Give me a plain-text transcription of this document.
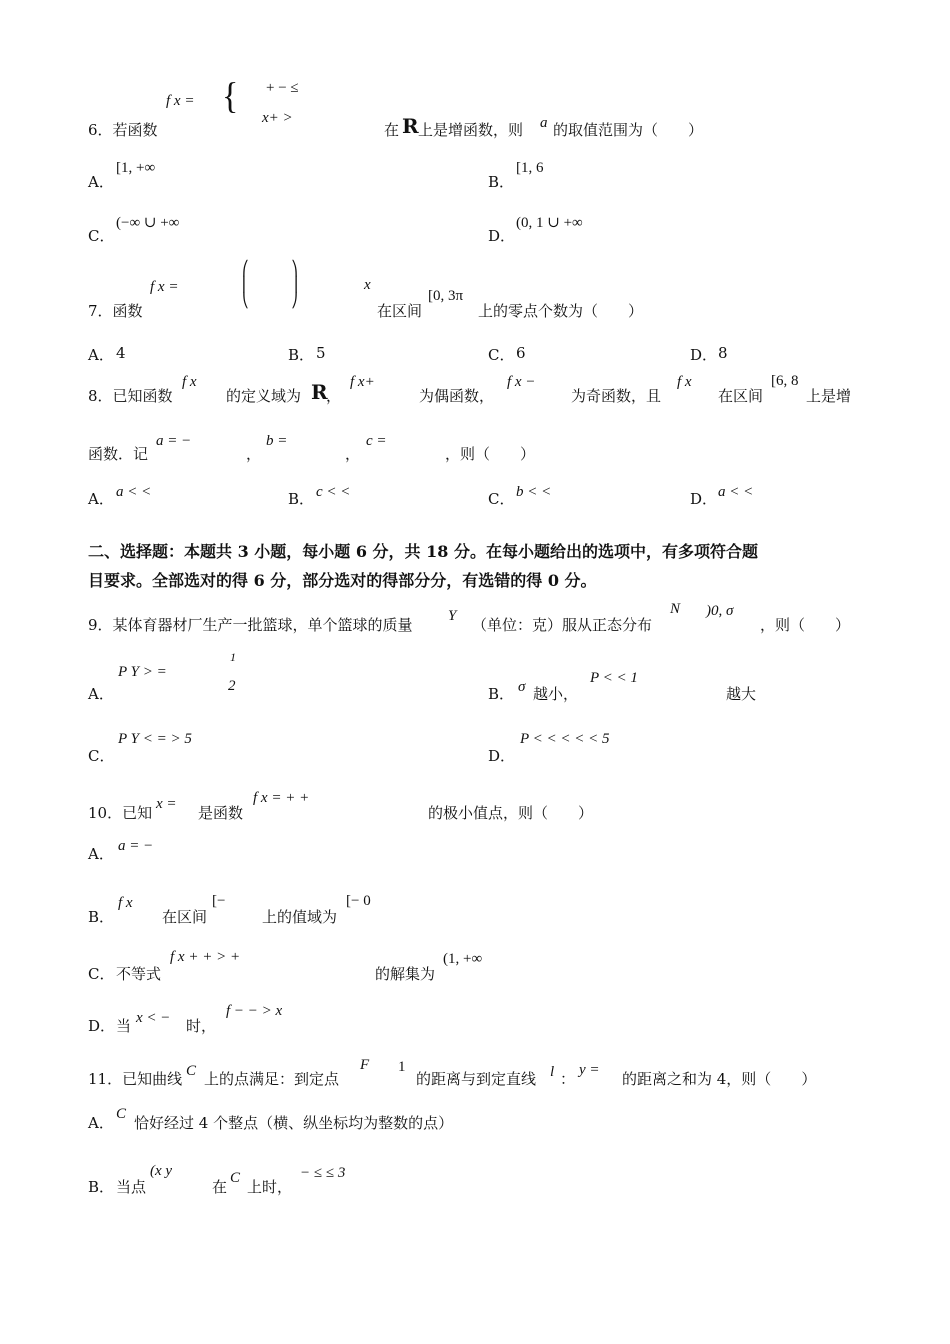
f x = { + − ≤
x+ >
6．若函数	在 R 上是增函数，则 a 的取值范围为（　　）
A．
[1, +∞
B．
[1, 6
C．
(−∞ ∪ +∞
D．
(0, 1 ∪ +∞
f x =
⎛            ⎞
⎜            ⎟
⎝            ⎠
x
7．函数	在区间
[0, 3π
上的零点个数为（　　）
A． 4	B． 5	C． 6	D． 8
8．已知函数
f x
的定义域为 R
，
f x+
为偶函数，
f x −
为奇函数，且
f x
在区间
[6, 8
上是增
函数．记
a = −
，
b =
，
c =
，则（　　）
A． a < <	B． c < <	C． b < <	D． a < <
二、选择题：本题共 3 小题，每小题 6 分，共 18 分。在每小题给出的选项中，有多项符合题
目要求。全部选对的得 6 分，部分选对的得部分分，有选错的得 0 分。
9．某体育器材厂生产一批篮球，单个篮球的质量 Y （单位：克）服从正态分布
N )0, σ
，则（　　）
A．
P Y > =
1
2	B． σ 越小，
P < < 1
越大
C．
P Y < = > 5
D．
P < < < < < 5
10．已知 x = 是函数
f x = + +
的极小值点，则（　　）
A． a = −
B．
f x
在区间
[−
上的值域为
[− 0
C． 不等式
f x + + > +
的解集为
(1, +∞
D． 当 x < − 时，
f − − > x
11．已知曲线 C 上的点满足：到定点
F 1
的距离与到定直线 l ： y = 的距离之和为 4，则（　　）
A． C 恰好经过 4 个整点（横、纵坐标均为整数的点）
B． 当点
(x y
在 C 上时，
− ≤ ≤ 3
